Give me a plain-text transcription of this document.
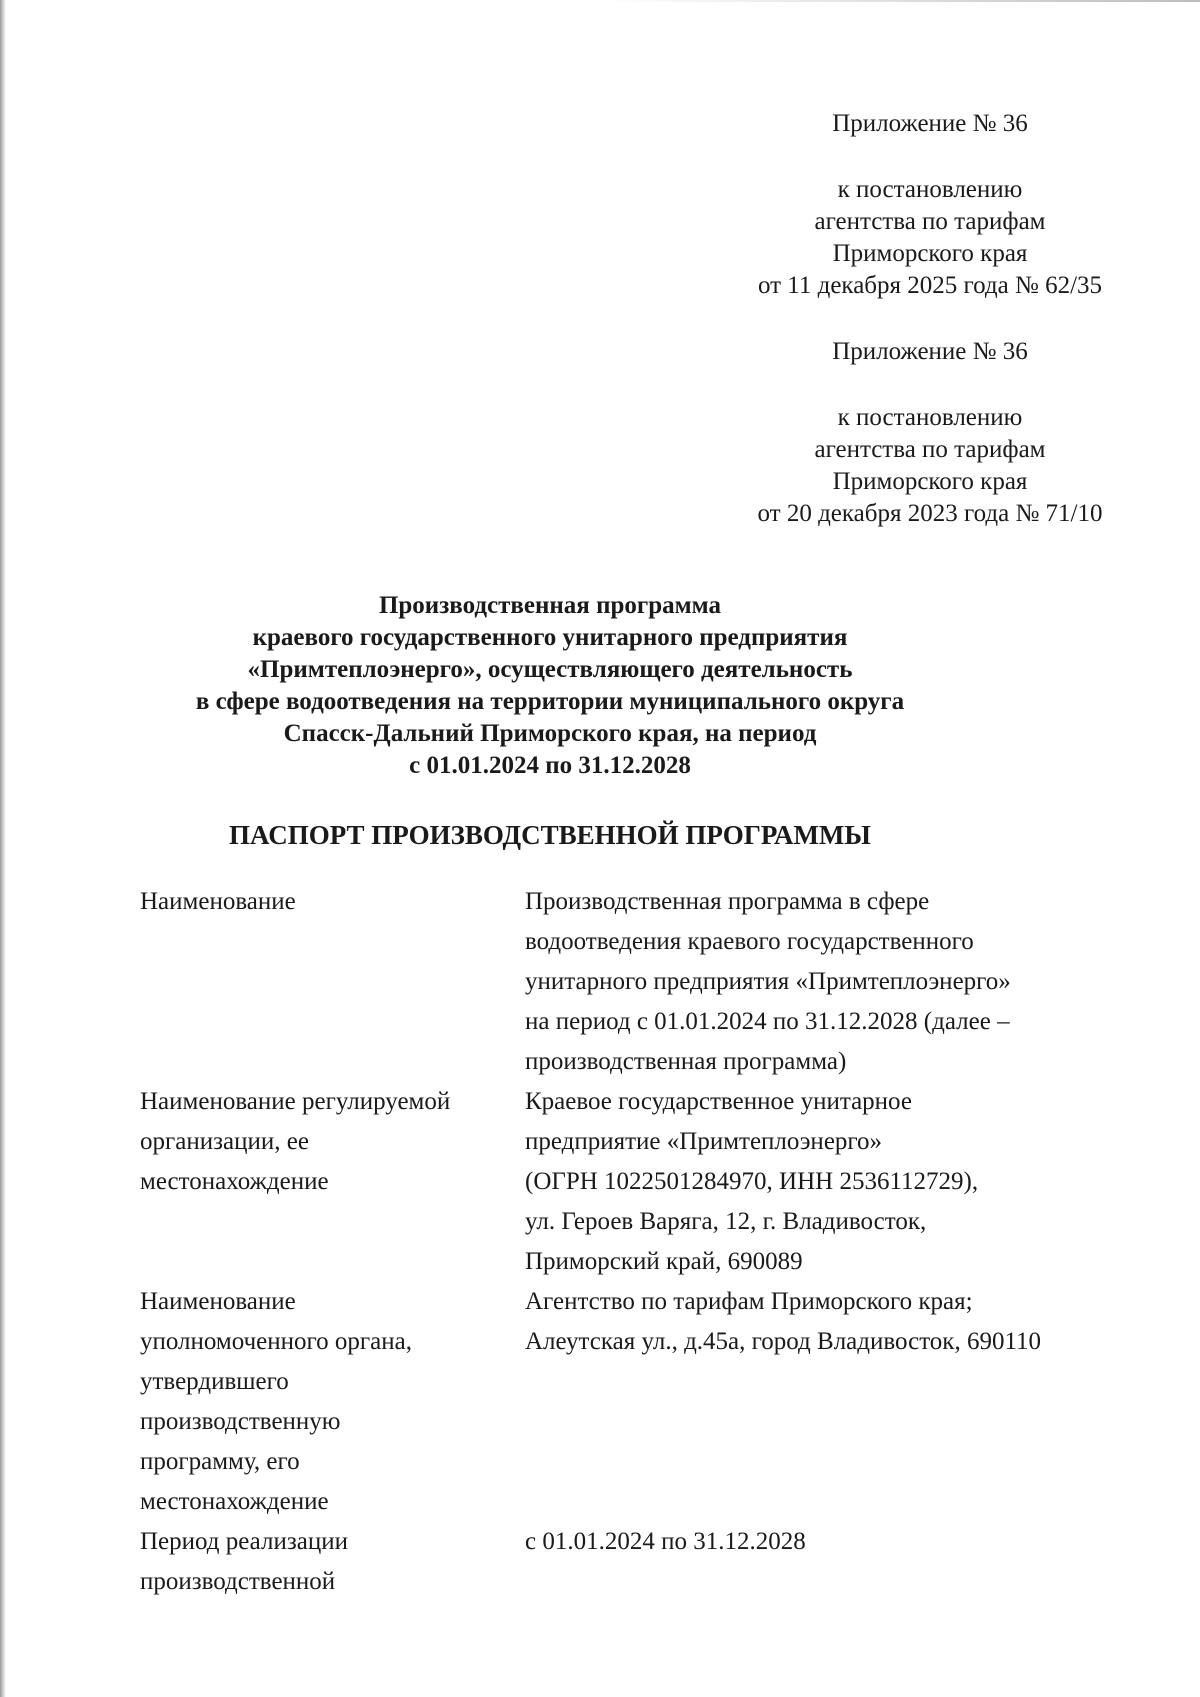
Приложение № 36
к постановлению
агентства по тарифам
Приморского края
от 11 декабря 2025 года № 62/35
Приложение № 36
к постановлению
агентства по тарифам
Приморского края
от 20 декабря 2023 года № 71/10
Производственная программа
краевого государственного унитарного предприятия
«Примтеплоэнерго», осуществляющего деятельность
в сфере водоотведения на территории муниципального округа
Спасск-Дальний Приморского края, на период
с 01.01.2024 по 31.12.2028
ПАСПОРТ ПРОИЗВОДСТВЕННОЙ ПРОГРАММЫ
Наименование	Производственная программа в сфере
водоотведения краевого государственного
унитарного предприятия «Примтеплоэнерго»
на период с 01.01.2024 по 31.12.2028 (далее –
производственная программа)
Наименование регулируемой
организации, ее
местонахождение
Краевое государственное унитарное
предприятие «Примтеплоэнерго»
(ОГРН 1022501284970, ИНН 2536112729),
ул. Героев Варяга, 12, г. Владивосток,
Приморский край, 690089
Наименование
уполномоченного органа,
утвердившего
производственную
программу, его
местонахождение
Агентство по тарифам Приморского края;
Алеутская ул., д.45а, город Владивосток, 690110
Период реализации
производственной
с 01.01.2024 по 31.12.2028
